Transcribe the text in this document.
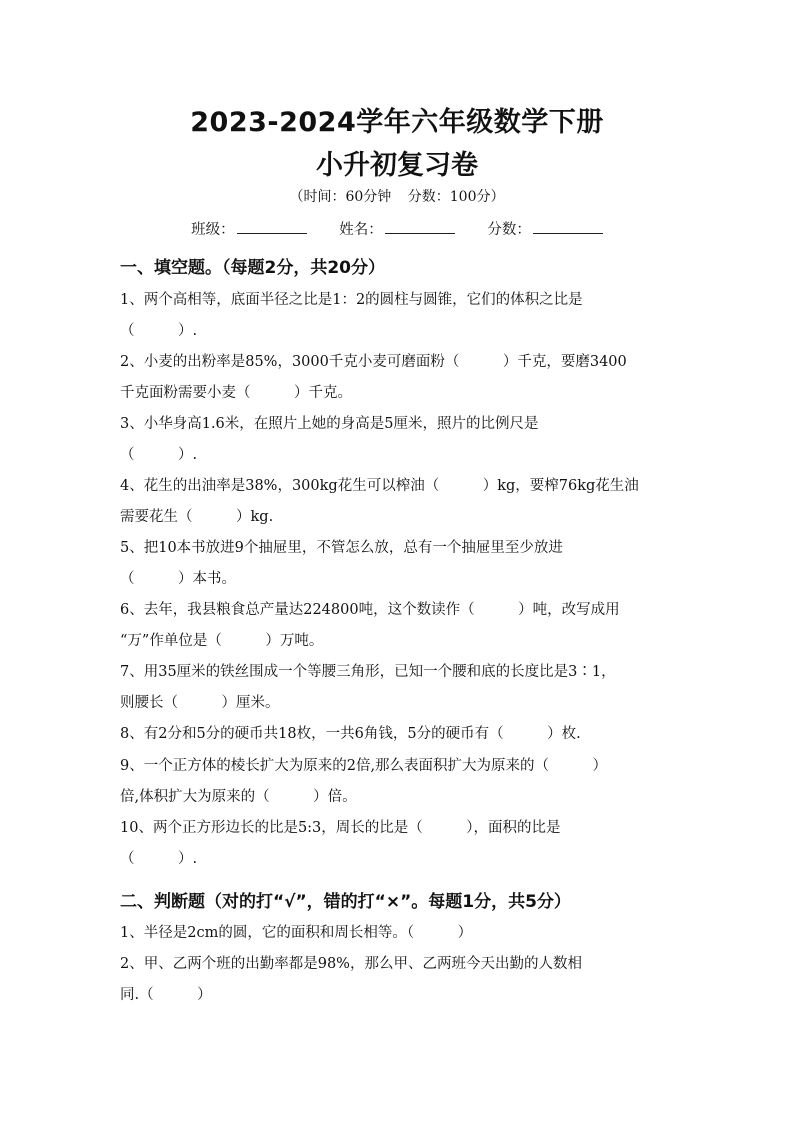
2023-2024学年六年级数学下册
小升初复习卷
（时间：60分钟 分数：100分）
班级：	姓名：	分数：
一、填空题。（每题2分，共20分）
1、两个高相等，底面半径之比是1：2的圆柱与圆锥，它们的体积之比是
（　　　）.
2、小麦的出粉率是85%，3000千克小麦可磨面粉（　　　）千克，要磨3400
千克面粉需要小麦（　　　）千克。
3、小华身高1.6米，在照片上她的身高是5厘米，照片的比例尺是
（　　　）.
4、花生的出油率是38%，300kg花生可以榨油（　　　）kg，要榨76kg花生油
需要花生（　　　）kg.
5、把10本书放进9个抽屉里，不管怎么放，总有一个抽屉里至少放进
（　　　）本书。
6、去年，我县粮食总产量达224800吨，这个数读作（　　　）吨，改写成用
“万”作单位是（　　　）万吨。
7、用35厘米的铁丝围成一个等腰三角形，已知一个腰和底的长度比是3∶1，
则腰长（　　　）厘米。
8、有2分和5分的硬币共18枚，一共6角钱，5分的硬币有（　　　）枚.
9、一个正方体的棱长扩大为原来的2倍,那么表面积扩大为原来的（　　　）
倍,体积扩大为原来的（　　　）倍。
10、两个正方形边长的比是5:3，周长的比是（　　　），面积的比是
（　　　）.
二、判断题（对的打“√”，错的打“×”。每题1分，共5分）
1、半径是2cm的圆，它的面积和周长相等。（　　　）
2、甲、乙两个班的出勤率都是98%，那么甲、乙两班今天出勤的人数相
同.（　　　）
